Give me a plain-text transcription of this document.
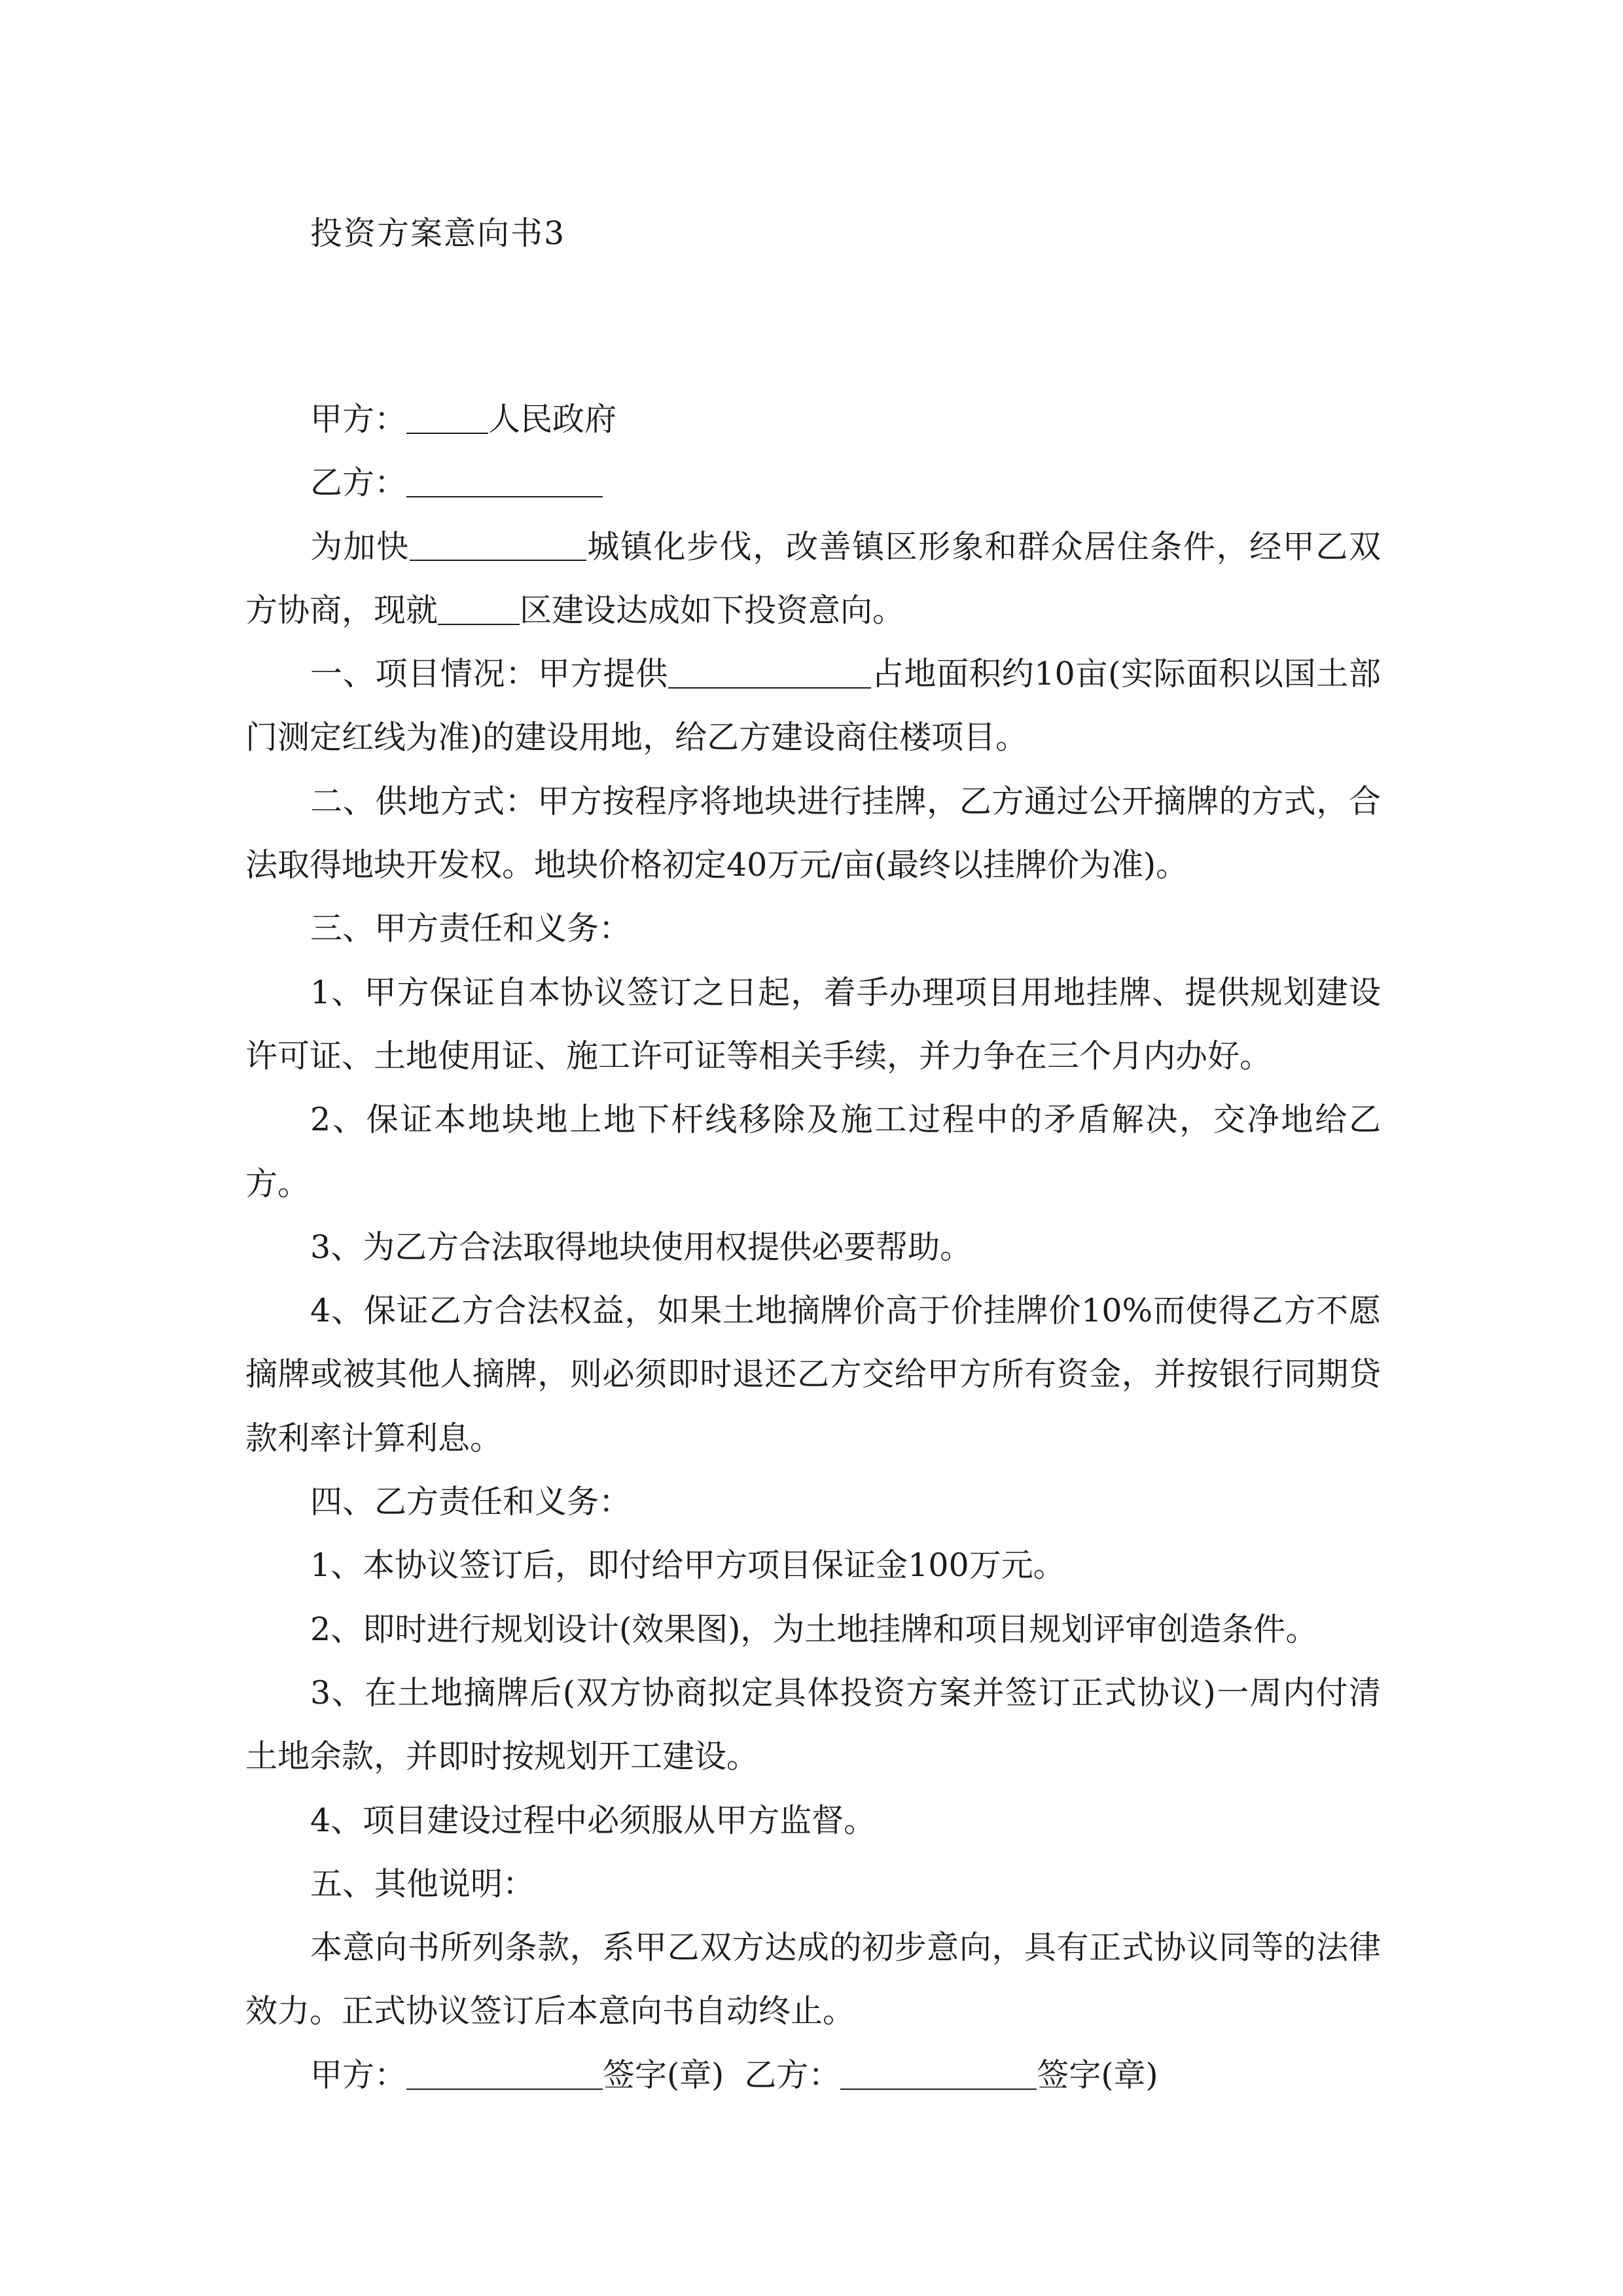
投资方案意向书3

甲方：	人民政府

乙方：

为加快	城镇化步伐，改善镇区形象和群众居住条件，经甲乙双方协商，现就	区建设达成如下投资意向。

一、项目情况：甲方提供	占地面积约10亩(实际面积以国土部门测定红线为准)的建设用地，给乙方建设商住楼项目。

二、供地方式：甲方按程序将地块进行挂牌，乙方通过公开摘牌的方式，合法取得地块开发权。地块价格初定40万元/亩(最终以挂牌价为准)。

三、甲方责任和义务：

1、甲方保证自本协议签订之日起，着手办理项目用地挂牌、提供规划建设许可证、土地使用证、施工许可证等相关手续，并力争在三个月内办好。

2、保证本地块地上地下杆线移除及施工过程中的矛盾解决，交净地给乙方。

3、为乙方合法取得地块使用权提供必要帮助。

4、保证乙方合法权益，如果土地摘牌价高于价挂牌价10%而使得乙方不愿摘牌或被其他人摘牌，则必须即时退还乙方交给甲方所有资金，并按银行同期贷款利率计算利息。

四、乙方责任和义务：

1、本协议签订后，即付给甲方项目保证金100万元。

2、即时进行规划设计(效果图)，为土地挂牌和项目规划评审创造条件。

3、在土地摘牌后(双方协商拟定具体投资方案并签订正式协议)一周内付清土地余款，并即时按规划开工建设。

4、项目建设过程中必须服从甲方监督。

五、其他说明：

本意向书所列条款，系甲乙双方达成的初步意向，具有正式协议同等的法律效力。正式协议签订后本意向书自动终止。

甲方：	签字(章) 乙方：	签字(章)
